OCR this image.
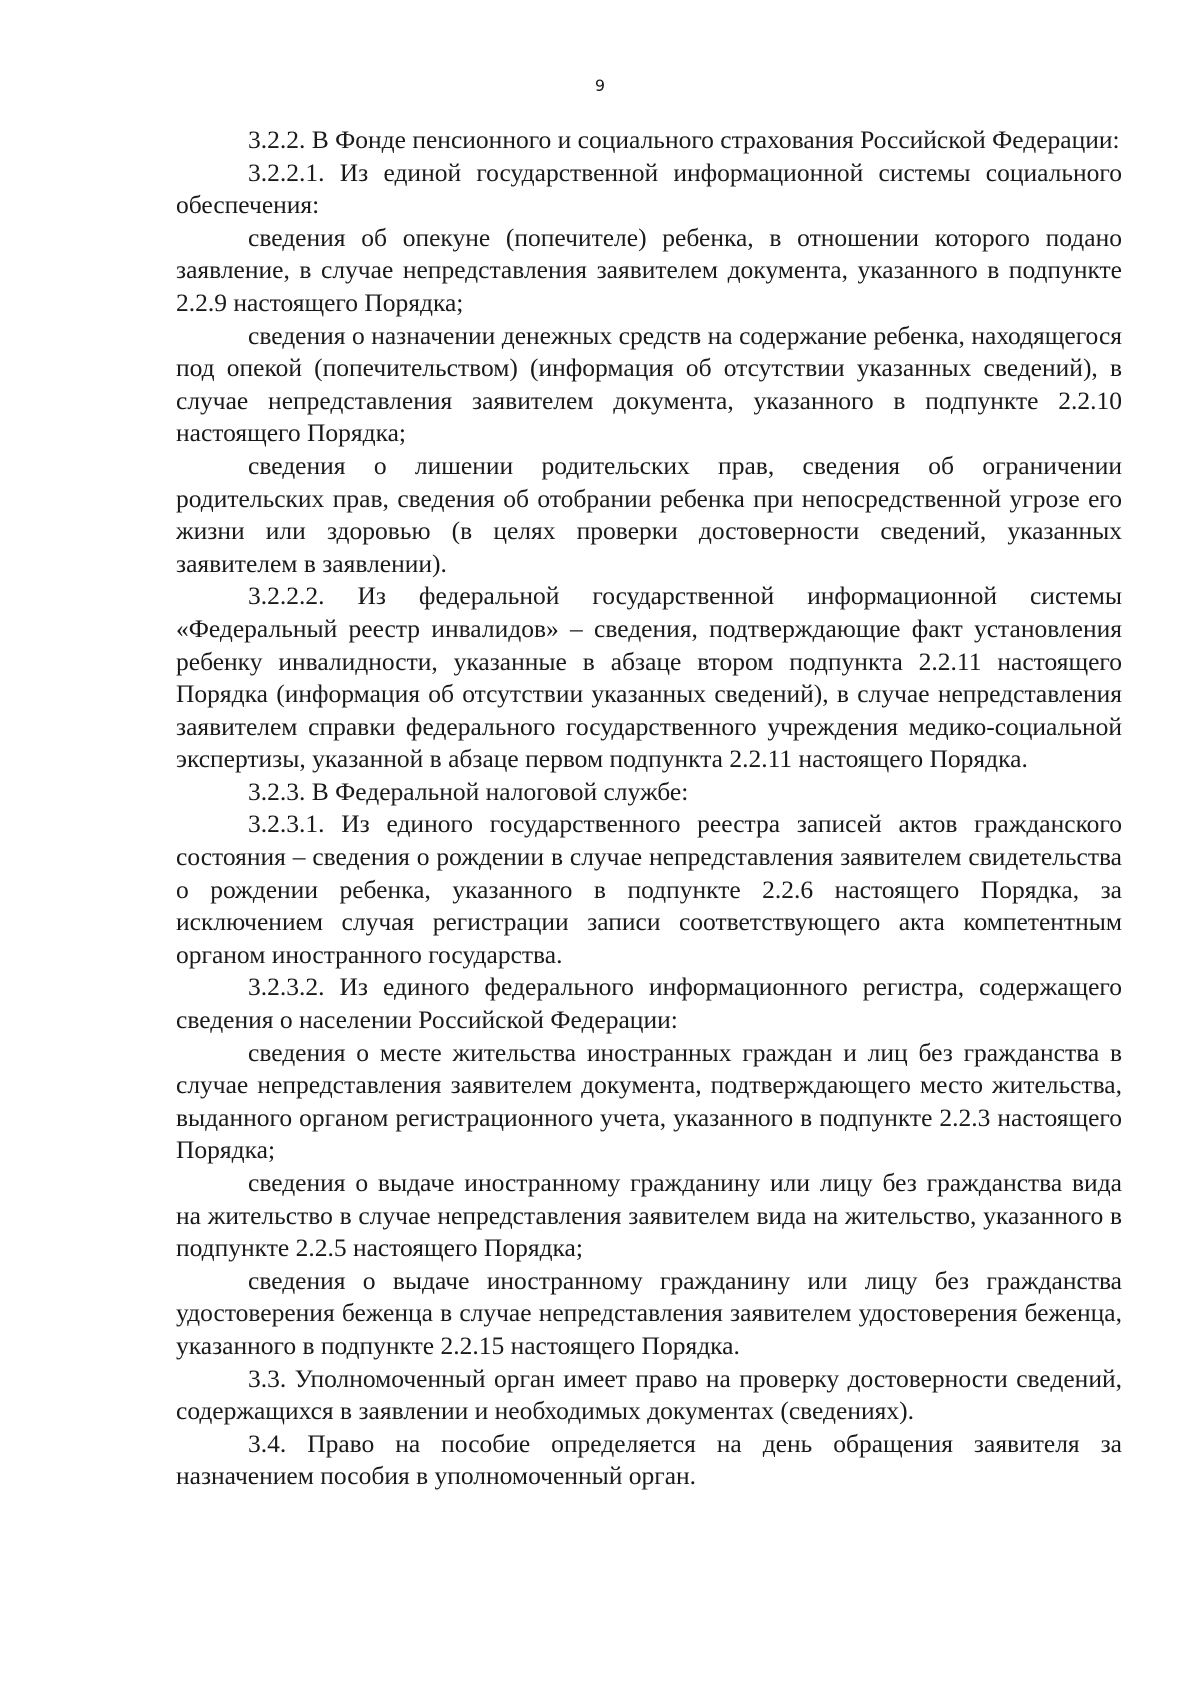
9

3.2.2. В Фонде пенсионного и социального страхования Российской Федерации:

3.2.2.1. Из единой государственной информационной системы социального обеспечения:

сведения об опекуне (попечителе) ребенка, в отношении которого подано заявление, в случае непредставления заявителем документа, указанного в подпункте 2.2.9 настоящего Порядка;

сведения о назначении денежных средств на содержание ребенка, находящегося под опекой (попечительством) (информация об отсутствии указанных сведений), в случае непредставления заявителем документа, указанного в подпункте 2.2.10 настоящего Порядка;

сведения о лишении родительских прав, сведения об ограничении родительских прав, сведения об отобрании ребенка при непосредственной угрозе его жизни или здоровью (в целях проверки достоверности сведений, указанных заявителем в заявлении).

3.2.2.2. Из федеральной государственной информационной системы «Федеральный реестр инвалидов» – сведения, подтверждающие факт установления ребенку инвалидности, указанные в абзаце втором подпункта 2.2.11 настоящего Порядка (информация об отсутствии указанных сведений), в случае непредставления заявителем справки федерального государственного учреждения медико-социальной экспертизы, указанной в абзаце первом подпункта 2.2.11 настоящего Порядка.

3.2.3. В Федеральной налоговой службе:

3.2.3.1. Из единого государственного реестра записей актов гражданского состояния – сведения о рождении в случае непредставления заявителем свидетельства о рождении ребенка, указанного в подпункте 2.2.6 настоящего Порядка, за исключением случая регистрации записи соответствующего акта компетентным органом иностранного государства.

3.2.3.2. Из единого федерального информационного регистра, содержащего сведения о населении Российской Федерации:

сведения о месте жительства иностранных граждан и лиц без гражданства в случае непредставления заявителем документа, подтверждающего место жительства, выданного органом регистрационного учета, указанного в подпункте 2.2.3 настоящего Порядка;

сведения о выдаче иностранному гражданину или лицу без гражданства вида на жительство в случае непредставления заявителем вида на жительство, указанного в подпункте 2.2.5 настоящего Порядка;

сведения о выдаче иностранному гражданину или лицу без гражданства удостоверения беженца в случае непредставления заявителем удостоверения беженца, указанного в подпункте 2.2.15 настоящего Порядка.

3.3. Уполномоченный орган имеет право на проверку достоверности сведений, содержащихся в заявлении и необходимых документах (сведениях).

3.4. Право на пособие определяется на день обращения заявителя за назначением пособия в уполномоченный орган.
